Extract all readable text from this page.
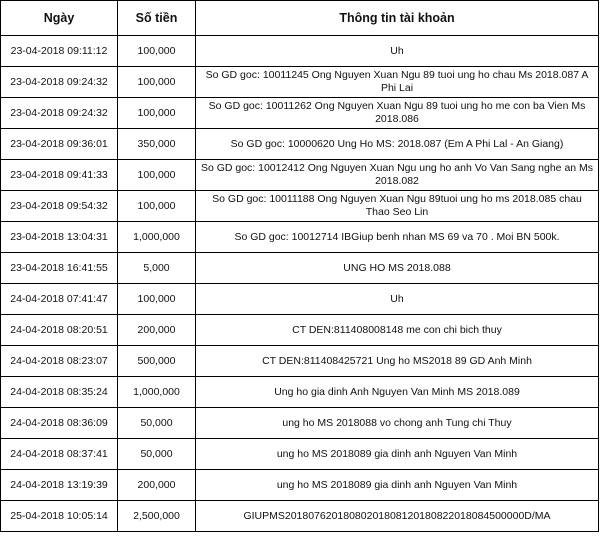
Ngày	Số tiền	Thông tin tài khoản
23-04-2018 09:11:12	100,000	Uh
23-04-2018 09:24:32	100,000	So GD goc: 10011245 Ong Nguyen Xuan Ngu 89 tuoi ung ho chau Ms 2018.087 A Phi Lai
23-04-2018 09:24:32	100,000	So GD goc: 10011262 Ong Nguyen Xuan Ngu 89 tuoi ung ho me con ba Vien Ms 2018.086
23-04-2018 09:36:01	350,000	So GD goc: 10000620 Ung Ho MS: 2018.087 (Em A Phi Lal - An Giang)
23-04-2018 09:41:33	100,000	So GD goc: 10012412 Ong Nguyen Xuan Ngu ung ho anh Vo Van Sang nghe an Ms 2018.082
23-04-2018 09:54:32	100,000	So GD goc: 10011188 Ong Nguyen Xuan Ngu 89tuoi ung ho ms 2018.085 chau Thao Seo Lin
23-04-2018 13:04:31	1,000,000	So GD goc: 10012714 IBGiup benh nhan MS 69 va 70 . Moi BN 500k.
23-04-2018 16:41:55	5,000	UNG HO MS 2018.088
24-04-2018 07:41:47	100,000	Uh
24-04-2018 08:20:51	200,000	CT DEN:811408008148 me con chi bich thuy
24-04-2018 08:23:07	500,000	CT DEN:811408425721 Ung ho MS2018 89 GD Anh Minh
24-04-2018 08:35:24	1,000,000	Ung ho gia dinh Anh Nguyen Van Minh MS 2018.089
24-04-2018 08:36:09	50,000	ung ho MS 2018088 vo chong anh Tung chi Thuy
24-04-2018 08:37:41	50,000	ung ho MS 2018089 gia dinh anh Nguyen Van Minh
24-04-2018 13:19:39	200,000	ung ho MS 2018089 gia dinh anh Nguyen Van Minh
25-04-2018 10:05:14	2,500,000	GIUPMS20180762018080201808120180822018084500000D/MA
